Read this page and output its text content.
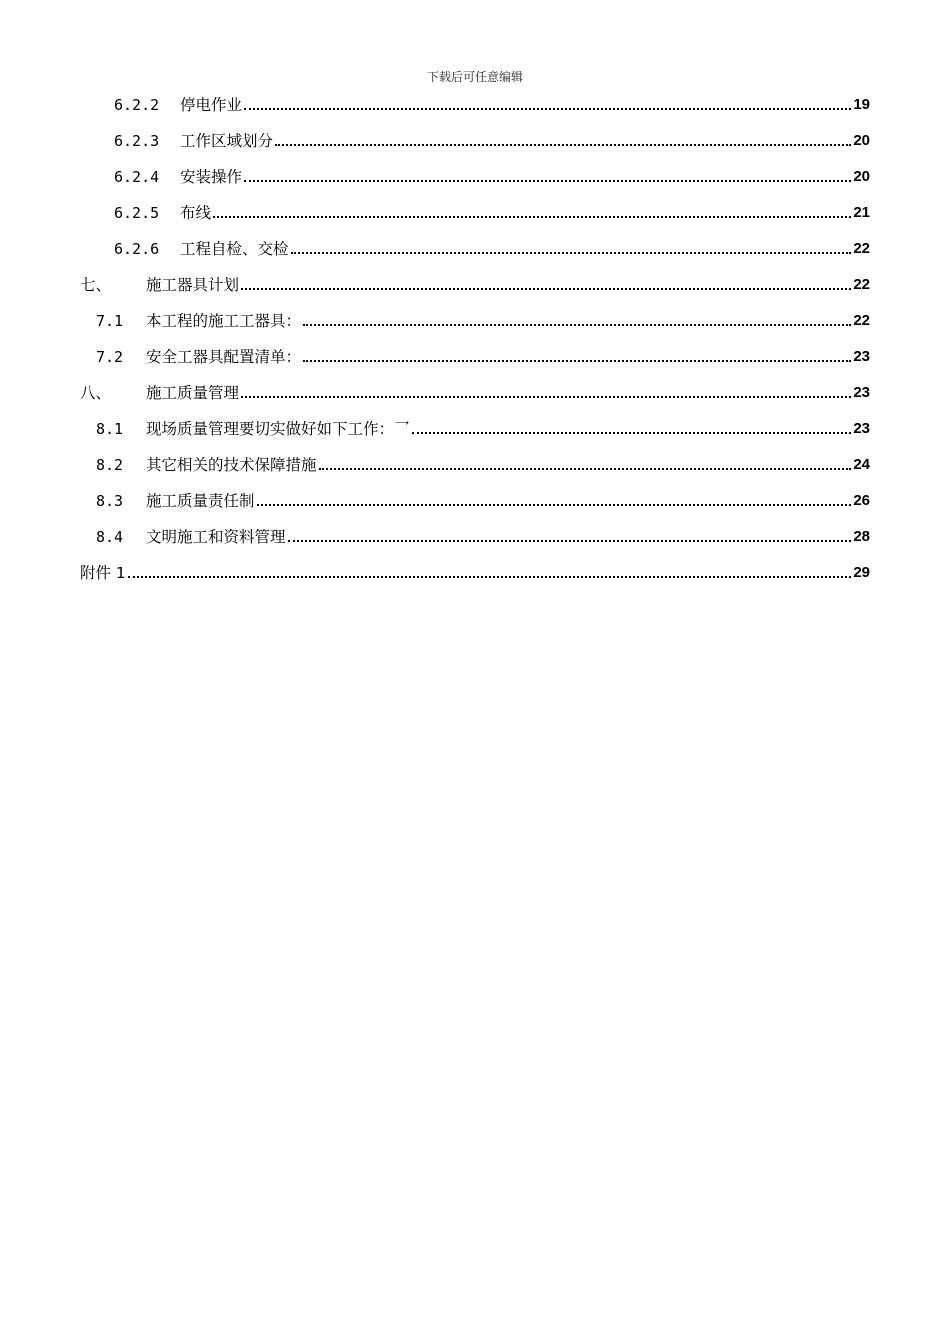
下载后可任意编辑
6.2.2	停电作业	19
6.2.3	工作区域划分	20
6.2.4	安装操作	20
6.2.5	布线	21
6.2.6	工程自检、交检	22
七、	施工器具计划	22
7.1	本工程的施工工器具：	22
7.2	安全工器具配置清单：	23
八、	施工质量管理	23
8.1	现场质量管理要切实做好如下工作：乛	23
8.2	其它相关的技术保障措施	24
8.3	施工质量责任制	26
8.4	文明施工和资料管理	28
附件 1	29
